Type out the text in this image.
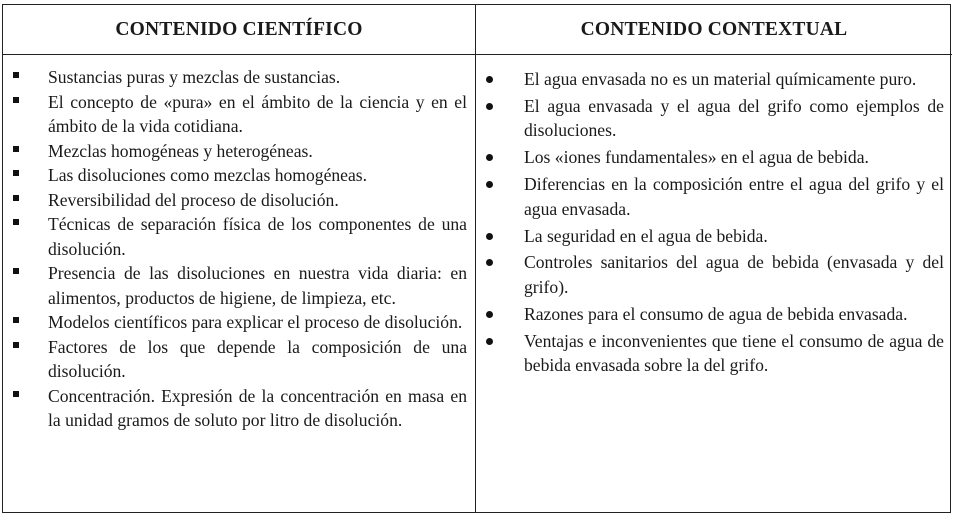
CONTENIDO CIENTÍFICO	CONTENIDO CONTEXTUAL
Sustancias puras y mezclas de sustancias.
El concepto de «pura» en el ámbito de la ciencia y en el ámbito de la vida cotidiana.
Mezclas homogéneas y heterogéneas.
Las disoluciones como mezclas homogéneas.
Reversibilidad del proceso de disolución.
Técnicas de separación física de los componentes de una disolución.
Presencia de las disoluciones en nuestra vida diaria: en alimentos, productos de higiene, de limpieza, etc.
Modelos científicos para explicar el proceso de disolución.
Factores de los que depende la composición de una disolución.
Concentración. Expresión de la concentración en masa en la unidad gramos de soluto por litro de disolución.
El agua envasada no es un material químicamente puro.
El agua envasada y el agua del grifo como ejemplos de disoluciones.
Los «iones fundamentales» en el agua de bebida.
Diferencias en la composición entre el agua del grifo y el agua envasada.
La seguridad en el agua de bebida.
Controles sanitarios del agua de bebida (envasada y del grifo).
Razones para el consumo de agua de bebida envasada.
Ventajas e inconvenientes que tiene el consumo de agua de bebida envasada sobre la del grifo.
